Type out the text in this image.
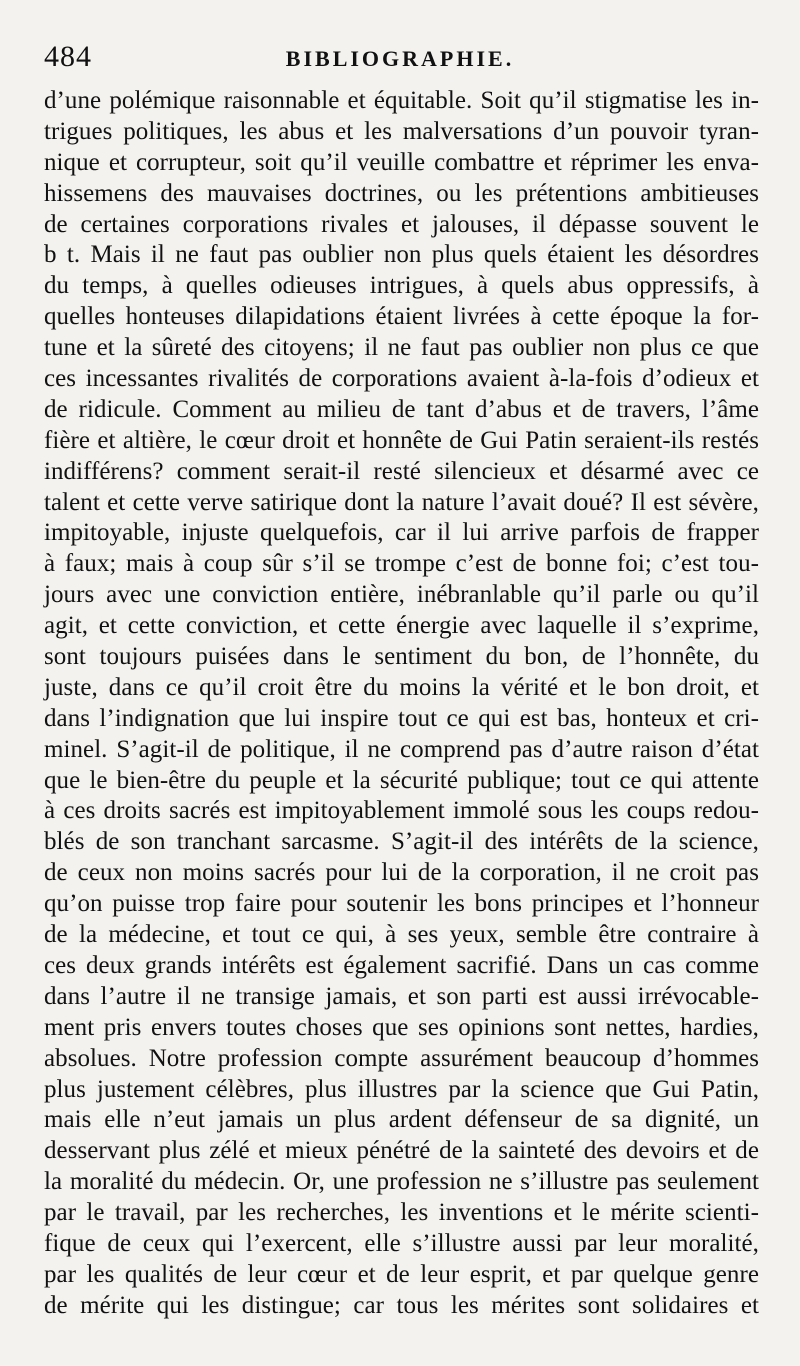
484	BIBLIOGRAPHIE.
d’une polémique raisonnable et équitable. Soit qu’il stigmatise les in-
trigues politiques, les abus et les malversations d’un pouvoir tyran-
nique et corrupteur, soit qu’il veuille combattre et réprimer les enva-
hissemens des mauvaises doctrines, ou les prétentions ambitieuses
de certaines corporations rivales et jalouses, il dépasse souvent le
b t. Mais il ne faut pas oublier non plus quels étaient les désordres
du temps, à quelles odieuses intrigues, à quels abus oppressifs, à
quelles honteuses dilapidations étaient livrées à cette époque la for-
tune et la sûreté des citoyens; il ne faut pas oublier non plus ce que
ces incessantes rivalités de corporations avaient à-la-fois d’odieux et
de ridicule. Comment au milieu de tant d’abus et de travers, l’âme
fière et altière, le cœur droit et honnête de Gui Patin seraient-ils restés
indifférens? comment serait-il resté silencieux et désarmé avec ce
talent et cette verve satirique dont la nature l’avait doué? Il est sévère,
impitoyable, injuste quelquefois, car il lui arrive parfois de frapper
à faux; mais à coup sûr s’il se trompe c’est de bonne foi; c’est tou-
jours avec une conviction entière, inébranlable qu’il parle ou qu’il
agit, et cette conviction, et cette énergie avec laquelle il s’exprime,
sont toujours puisées dans le sentiment du bon, de l’honnête, du
juste, dans ce qu’il croit être du moins la vérité et le bon droit, et
dans l’indignation que lui inspire tout ce qui est bas, honteux et cri-
minel. S’agit-il de politique, il ne comprend pas d’autre raison d’état
que le bien-être du peuple et la sécurité publique; tout ce qui attente
à ces droits sacrés est impitoyablement immolé sous les coups redou-
blés de son tranchant sarcasme. S’agit-il des intérêts de la science,
de ceux non moins sacrés pour lui de la corporation, il ne croit pas
qu’on puisse trop faire pour soutenir les bons principes et l’honneur
de la médecine, et tout ce qui, à ses yeux, semble être contraire à
ces deux grands intérêts est également sacrifié. Dans un cas comme
dans l’autre il ne transige jamais, et son parti est aussi irrévocable-
ment pris envers toutes choses que ses opinions sont nettes, hardies,
absolues. Notre profession compte assurément beaucoup d’hommes
plus justement célèbres, plus illustres par la science que Gui Patin,
mais elle n’eut jamais un plus ardent défenseur de sa dignité, un
desservant plus zélé et mieux pénétré de la sainteté des devoirs et de
la moralité du médecin. Or, une profession ne s’illustre pas seulement
par le travail, par les recherches, les inventions et le mérite scienti-
fique de ceux qui l’exercent, elle s’illustre aussi par leur moralité,
par les qualités de leur cœur et de leur esprit, et par quelque genre
de mérite qui les distingue; car tous les mérites sont solidaires et
